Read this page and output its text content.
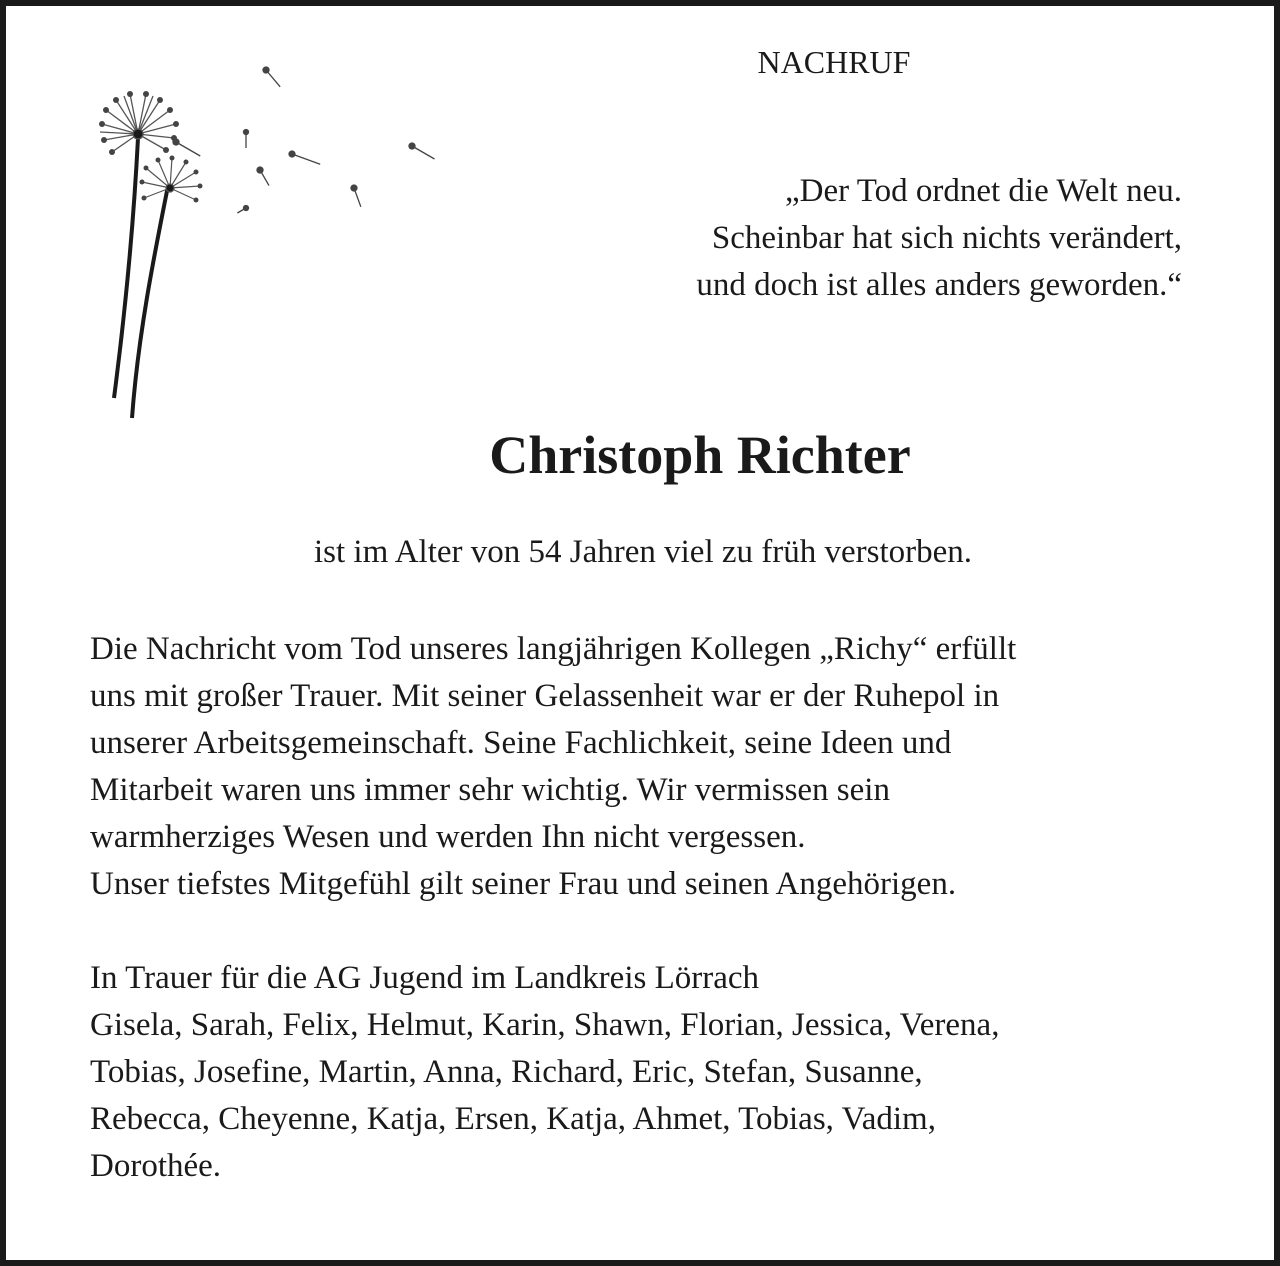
NACHRUF
„Der Tod ordnet die Welt neu.
Scheinbar hat sich nichts verändert,
und doch ist alles anders geworden.“
Christoph Richter
ist im Alter von 54 Jahren viel zu früh verstorben.
Die Nachricht vom Tod unseres langjährigen Kollegen „Richy“ erfüllt
uns mit großer Trauer. Mit seiner Gelassenheit war er der Ruhepol in
unserer Arbeitsgemeinschaft. Seine Fachlichkeit, seine Ideen und
Mitarbeit waren uns immer sehr wichtig. Wir vermissen sein
warmherziges Wesen und werden Ihn nicht vergessen.
Unser tiefstes Mitgefühl gilt seiner Frau und seinen Angehörigen.
In Trauer für die AG Jugend im Landkreis Lörrach
Gisela, Sarah, Felix, Helmut, Karin, Shawn, Florian, Jessica, Verena,
Tobias, Josefine, Martin, Anna, Richard, Eric, Stefan, Susanne,
Rebecca, Cheyenne, Katja, Ersen, Katja, Ahmet, Tobias, Vadim,
Dorothée.
